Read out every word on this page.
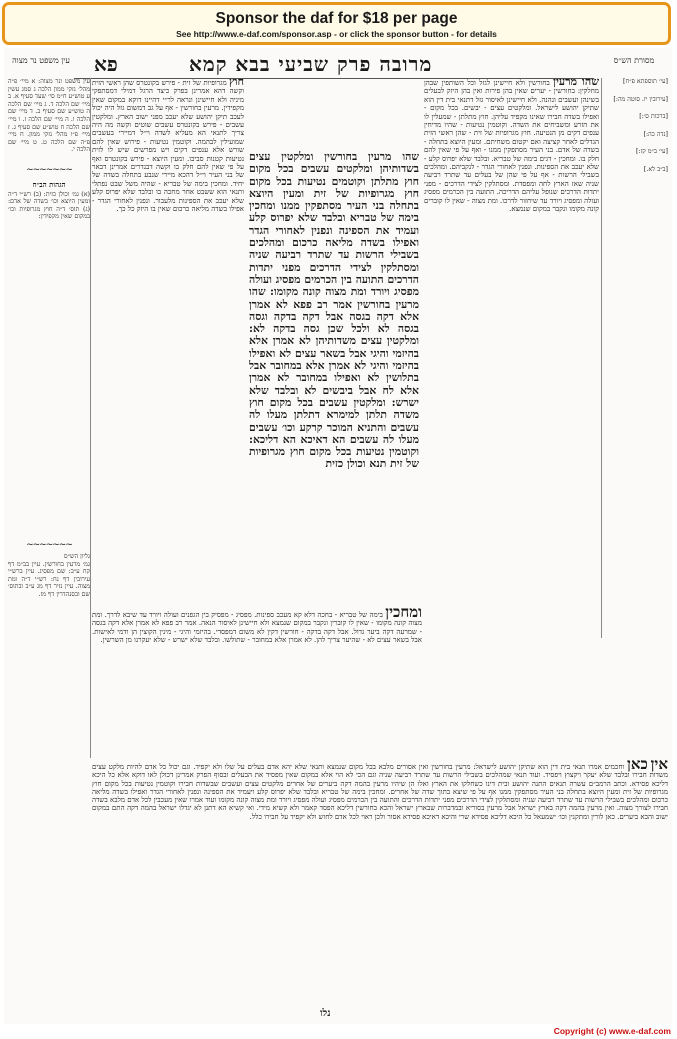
Sponsor the daf for $18 per page
See http://www.e-daf.com/sponsor.asp - or click the sponsor button - for details
עין משפט נר מצוה פא	מרובה פרק שביעי בבא קמא	מסורת הש״ס

עין משפט ונר מצוה: א מיי׳ פ״ה מהל׳ נזקי ממון הלכה ג סמג עשין ע טוש״ע ח״מ סי׳ שעד סעיף א. ב מיי׳ שם הלכה ד. ג מיי׳ שם הלכה ה טוש״ע שם סעיף ב. ד מיי׳ שם הלכה ו. ה מיי׳ שם הלכה ז. ו מיי׳ שם הלכה ח טוש״ע שם סעיף ג. ז מיי׳ פ״ו מהל׳ נזקי ממון. ח מיי׳ פ״ה שם הלכה ט. ט מיי׳ שם הלכה י.

~~~~~~~

הגהות הב״ח

(א) גמ׳ וכולן כזית: (ב) רש״י ד״ה ומעין היוצא וכו׳ בשדה של אדם: (ג) תוס׳ ד״ה חוץ מגרופיות וכו׳ במקום שאין מקפידין:

~~~~~~~

גליון הש״ס

גמ׳ מרעין בחורשין. עיין בב״מ דף קח ע״ב: שם מפסיג. עיין ברש״י עירובין דף נח: רש״י ד״ה ומת מצוה. עיין נזיר דף מג ע״ב ובתוס׳ שם ובסנהדרין דף מז.

חוץ מגרופיות של זית - פירש בקונטרס שהן ראשי הזית וקשה דהא אמרינן בפרק כיצד הרגל דמילי דמסתפקי מיניה ולא חיישינן ונראה לר״י דהיינו דוקא במקום שאין מקפידין. מרעין בחורשין - אף על גב דמשום גזל היה יכול לעכב תיקן יהושע שלא יעכב מפני ישוב הארץ. ומלקטין עשבים - פירש בקונטרס עשבים שוטים וקשה מה היה צריך לתנאי הא מעליא לשדה וי״ל דמיירי בעשבים שמועילין לבהמה. וקוטמין נטיעות - פירוש שאין להם שורש אלא ענפים דקים ויש מפרשים שיש לו לזית נטיעות קטנות סביבו. ומעין היוצא - פירש בקונטרס ואף על פי שאין להם חלק בו וקשה דבנדרים אמרינן דבאר של בני העיר וי״ל דהכא מיירי שנבע בתחלה בשדה של יחיד. ומחכין בימה של טבריא - שהיה משל שבט נפתלי ותנאי הוא ששבט אחר מחכה בו ובלבד שלא יפרוס קלע שלא יעכב את הספינות מלעבור. ונפנין לאחורי הגדר - אפילו בשדה מליאה כרכום שאין בו היזק כל כך.
שהו מרעין בחורשין ומלקטין עצים בשדותיהן ומלקטים עשבים בכל מקום חוץ מתלתן וקוטמים נטיעות בכל מקום חוץ מגרופיות של זית ומעין היוצא בתחלה בני העיר מסתפקין ממנו ומחכין בימה של טבריא ובלבד שלא יפרוס קלע ועמיד את הספינה ונפנין לאחורי הגדר ואפילו בשדה מליאה כרכום ומהלכים בשבילי הרשות עד שתרד רביעה שניה ומסתלקין לצידי הדרכים מפני יתדות הדרכים התועה בין הכרמים מפסיג ועולה מפסיג ויורד ומת מצוה קונה מקומו: שהו מרעין בחורשין אמר רב פפא לא אמרן אלא דקה בגסה אבל דקה בדקה וגסה בגסה לא ולכל שכן גסה בדקה לא: ומלקטין עצים משדותיהן לא אמרן אלא בהיזמי והיגי אבל בשאר עצים לא ואפילו בהיזמי והיגי לא אמרן אלא במחובר אבל בתלושין לא ואפילו במחובר לא אמרן אלא לח אבל ביבשים לא ובלבד שלא ישרש: ומלקטין עשבים בכל מקום חוץ משדה תלתן למימרא דתלתן מעלו לה עשבים והתניא המוכר קרקע וכו׳ עשבים מעלו לה עשבים הא דאיכא הא דליכא: וקוטמין נטיעות בכל מקום חוץ מגרופיות של זית תנא וכולן כזית
שהו מרעין בחורשין ולא חיישינן לגזל וכל השותפין שבהן מחלקין: בחורשין - יערים שאין בהן פירות ואין בהן היזק לבעלים בשינהן ועשבים ונהנה. ולא חיישינן לאיסור גזל דתנאי בית דין הוא שתיקן יהושע לישראל. ומלקטים עצים - יבשים. בכל מקום - ואפילו בשדה חבירו שאינו מקפיד עליהן. חוץ מתלתן - שמעלין לו את הזרע ומשביחים את השדה. וקוטמין נטיעות - שהיו מדיחין ענפים דקים מן הנטיעה. חוץ מגרופיות של זית - שהן ראשי הזית הגדלים לאחר קציצה ואם יקטום משחיתם. ומעין היוצא בתחלה - בשדה של אדם. בני העיר מסתפקין ממנו - ואף על פי שאין להם חלק בו. ומחכין - דגים בימה של טבריא. ובלבד שלא יפרוס קלע - שלא יעכב את הספינות. ונפנין לאחורי הגדר - לנקביהם. ומהלכים בשבילי הרשות - אף על פי שהן של בעלים עד שתרד רביעה שניה שאז הארץ לחה ומפסדת. ומסתלקין לצידי הדרכים - מפני יתדות הדרכים שנופל עליהם הדריכה. התועה בין הכרמים מפסיג ועולה ומפסיג ויורד עד שיחזור לדרכו. ומת מצוה - שאין לו קוברים קונה מקומו ונקבר במקום שנמצא.
ומחכין בימה של טבריא - בחכה דלא קא מעכב ספינות. מפסיג - מפסיק בין הגפנים ועולה ויורד עד שיבא לדרך. ומת מצוה קונה מקומו - שאין לו קוברין ונקבר במקום שנמצא ולא חיישינן לאיסור הנאה. אמר רב פפא לא אמרן אלא דקה בגסה - שמרעה דקה ביער גדול. אבל דקה בדקה - חורשין דקין לא משום דמפסדי. בהיזמי והיגי - מינין הקוצין הן ודמי לאישות. אבל בשאר עצים לא - שהיער צריך להן. לא אמרן אלא במחובר - שתולשו. ובלבד שלא ישרש - שלא יעקרנו מן השרשין.

[עי׳ תוספתא פ״ח]

[עירובין יז. סוטה מה:]

[ברכות ס׳:]

[נדה כה:]

[עי׳ ב״מ קז:]

[ב״ב לא.]

אין כאן וחכמים אמרו תנאי בית דין הוא שתיקן יהושע לישראל: מרעין בחורשין ואין אסורים מלבא בכל מקום שנמצא ותנאי שלא יהא אדם בעלים על שלו ולא יקפיד. וגם יכול כל אדם להיות מלקט עצים משדות חבירו ובלבד שלא יעקר ויקצוץ ויפסיד. ועוד תנאי שמהלכים בשבילי הרשות עד שתרד רביעה שניה וגם הכי לא הוי אלא במקום שאין מפסיד את הבעלים ובסוף הפרק אמרינן דכולן לאו דוקא אלא כל היכא דליכא פסידא. וכתב הרמב״ם עשרה תנאים התנה יהושע ובית דינו כשחלקו את הארץ ואלו הן שיהיו מרעין בהמה דקה ביערים של אחרים מלקטים עצים ועשבים שבשדות חבירו וקוטמין נטיעות בכל מקום חוץ מגרופיות של זית ומעין היוצא בתחלה בני העיר מסתפקין ממנו אף על פי שיצא בתוך שדה של אחרים. ומחכין בימה של טבריא ובלבד שלא יפרוס קלע ויעמיד את הספינה ונפנין לאחורי הגדר ואפילו בשדה מליאה כרכום ומהלכים בשבילי הרשות עד שתרד רביעה שניה ומסתלקין לצידי הדרכים מפני יתדות הדרכים והתועה בין הכרמים מפסיג ועולה מפסיג ויורד ומת מצוה קונה מקומו ועוד אמרו שאין מעכבין לכל אדם מלבא בשדה חבירו לצורך מצוה. ואין מרעין בהמה דקה בארץ ישראל אבל מרעין בסוריא ובמדברות שבארץ ישראל והכא בחורשין דליכא הפסד קאמר ולא קשיא מידי. ואי קשיא הא דתנן לא יגדלו ישראל בהמה דקה התם במקום ישוב והכא ביערים. כאן לורין ומתקנין וכו׳ ישמעאל כל היכא דליכא פסידא שרי והיכא דאיכא פסידא אסור ולכן ראוי לכל אדם לחוש ולא יקפיד על חבירו כלל.
נלו
Copyright (c) www.e-daf.com
